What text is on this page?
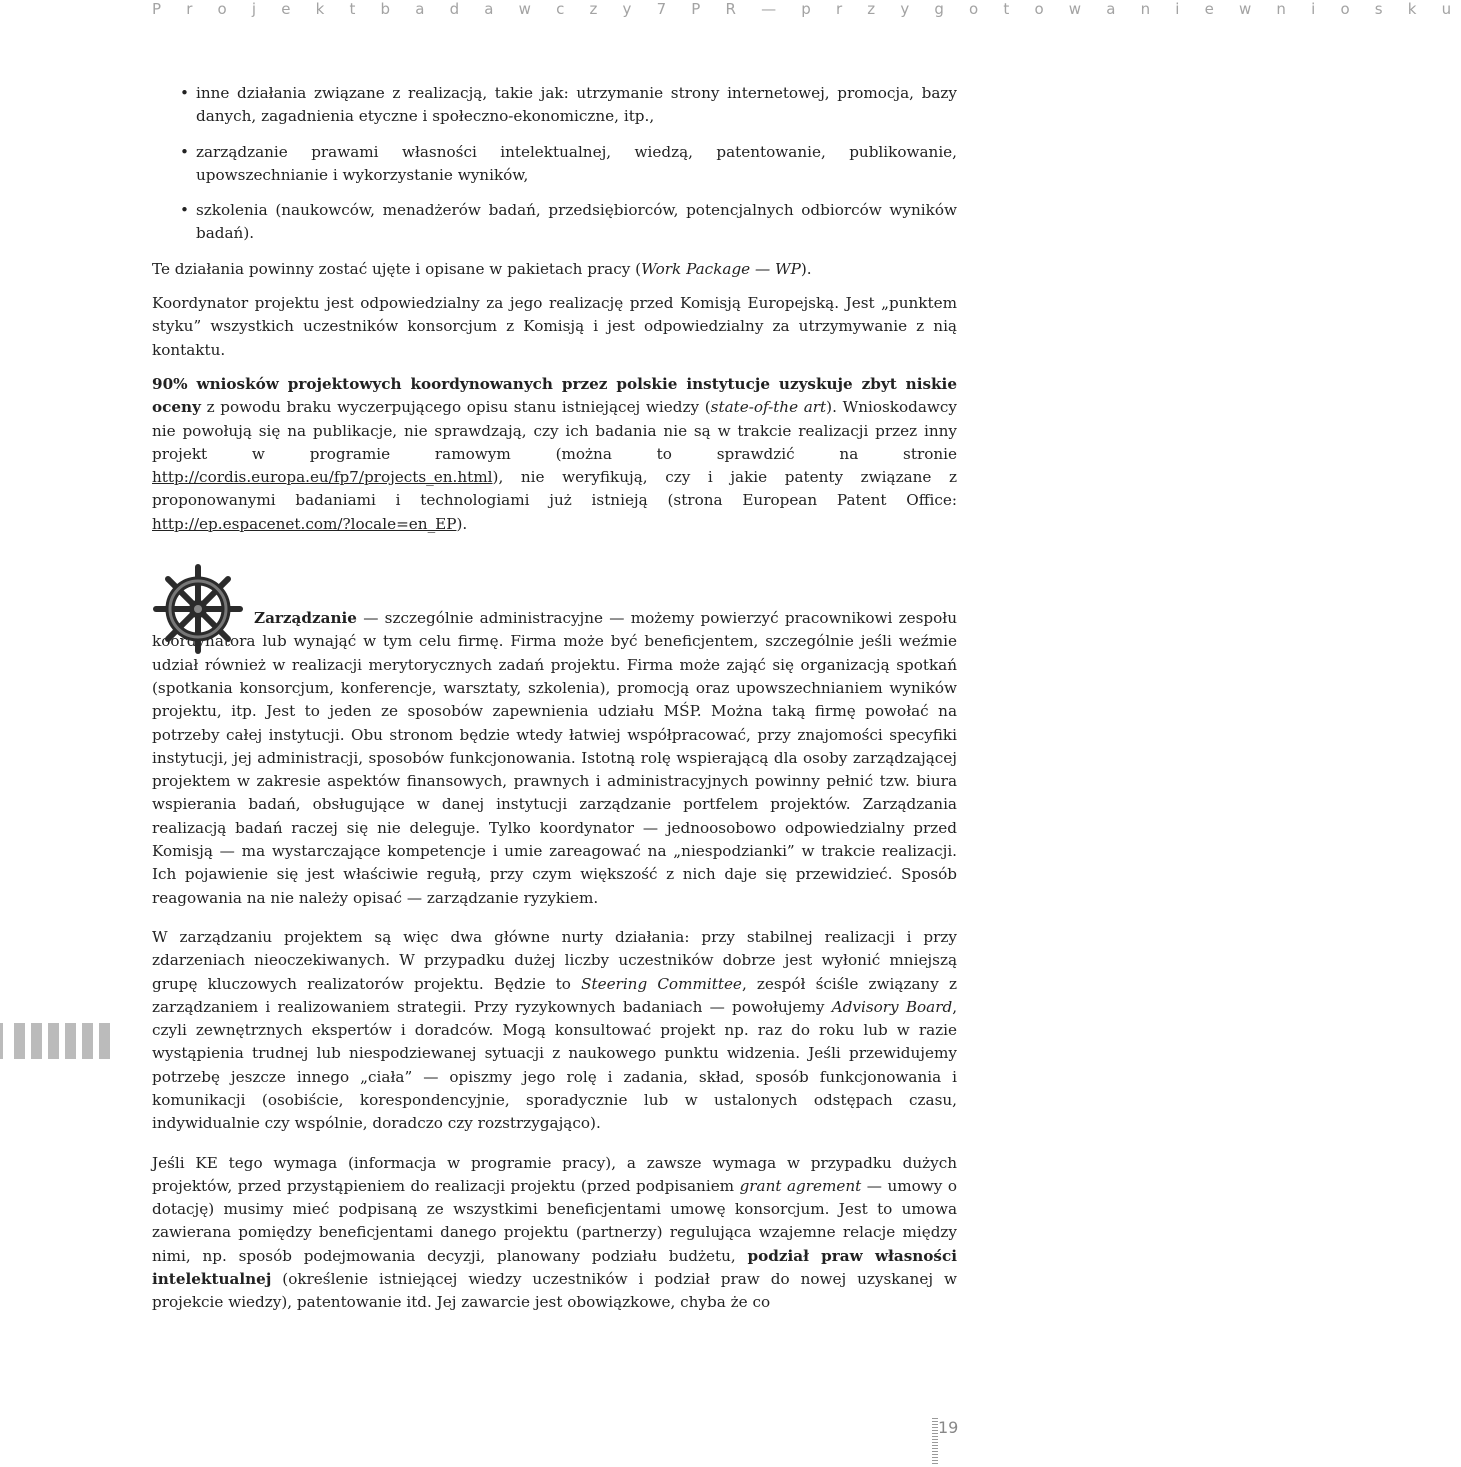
P r o j e k t b a d a w c z y 7 P R — p r z y g o t o w a n i e w n i o s k u
• inne działania związane z realizacją, takie jak: utrzymanie strony internetowej, promocja, bazy danych, zagadnienia etyczne i społeczno-ekonomiczne, itp.,
• zarządzanie prawami własności intelektualnej, wiedzą, patentowanie, publikowanie, upowszechnianie i wykorzystanie wyników,
• szkolenia (naukowców, menadżerów badań, przedsiębiorców, potencjalnych odbiorców wyników badań).

Te działania powinny zostać ujęte i opisane w pakietach pracy (Work Package — WP).

Koordynator projektu jest odpowiedzialny za jego realizację przed Komisją Europejską. Jest „punktem styku” wszystkich uczestników konsorcjum z Komisją i jest odpowiedzialny za utrzymywanie z nią kontaktu.

90% wniosków projektowych koordynowanych przez polskie instytucje uzyskuje zbyt niskie oceny z powodu braku wyczerpującego opisu stanu istniejącej wiedzy (state-of-the art). Wnioskodawcy nie powołują się na publikacje, nie sprawdzają, czy ich badania nie są w trakcie realizacji przez inny projekt w programie ramowym (można to sprawdzić na stronie http://cordis.europa.eu/fp7/projects_en.html), nie weryfikują, czy i jakie patenty związane z proponowanymi badaniami i technologiami już istnieją (strona European Patent Office: http://ep.espacenet.com/?locale=en_EP).

Zarządzanie — szczególnie administracyjne — możemy powierzyć pracownikowi zespołu koordynatora lub wynająć w tym celu firmę. Firma może być beneficjentem, szczególnie jeśli weźmie udział również w realizacji merytorycznych zadań projektu. Firma może zająć się organizacją spotkań (spotkania konsorcjum, konferencje, warsztaty, szkolenia), promocją oraz upowszechnianiem wyników projektu, itp. Jest to jeden ze sposobów zapewnienia udziału MŚP. Można taką firmę powołać na potrzeby całej instytucji. Obu stronom będzie wtedy łatwiej współpracować, przy znajomości specyfiki instytucji, jej administracji, sposobów funkcjonowania. Istotną rolę wspierającą dla osoby zarządzającej projektem w zakresie aspektów finansowych, prawnych i administracyjnych powinny pełnić tzw. biura wspierania badań, obsługujące w danej instytucji zarządzanie portfelem projektów. Zarządzania realizacją badań raczej się nie deleguje. Tylko koordynator — jednoosobowo odpowiedzialny przed Komisją — ma wystarczające kompetencje i umie zareagować na „niespodzianki” w trakcie realizacji. Ich pojawienie się jest właściwie regułą, przy czym większość z nich daje się przewidzieć. Sposób reagowania na nie należy opisać — zarządzanie ryzykiem.

W zarządzaniu projektem są więc dwa główne nurty działania: przy stabilnej realizacji i przy zdarzeniach nieoczekiwanych. W przypadku dużej liczby uczestników dobrze jest wyłonić mniejszą grupę kluczowych realizatorów projektu. Będzie to Steering Committee, zespół ściśle związany z zarządzaniem i realizowaniem strategii. Przy ryzykownych badaniach — powołujemy Advisory Board, czyli zewnętrznych ekspertów i doradców. Mogą konsultować projekt np. raz do roku lub w razie wystąpienia trudnej lub niespodziewanej sytuacji z naukowego punktu widzenia. Jeśli przewidujemy potrzebę jeszcze innego „ciała” — opiszmy jego rolę i zadania, skład, sposób funkcjonowania i komunikacji (osobiście, korespondencyjnie, sporadycznie lub w ustalonych odstępach czasu, indywidualnie czy wspólnie, doradczo czy rozstrzygająco).

Jeśli KE tego wymaga (informacja w programie pracy), a zawsze wymaga w przypadku dużych projektów, przed przystąpieniem do realizacji projektu (przed podpisaniem grant agrement — umowy o dotację) musimy mieć podpisaną ze wszystkimi beneficjentami umowę konsorcjum. Jest to umowa zawierana pomiędzy beneficjentami danego projektu (partnerzy) regulująca wzajemne relacje między nimi, np. sposób podejmowania decyzji, planowany podziału budżetu, podział praw własności intelektualnej (określenie istniejącej wiedzy uczestników i podział praw do nowej uzyskanej w projekcie wiedzy), patentowanie itd. Jej zawarcie jest obowiązkowe, chyba że co

19
